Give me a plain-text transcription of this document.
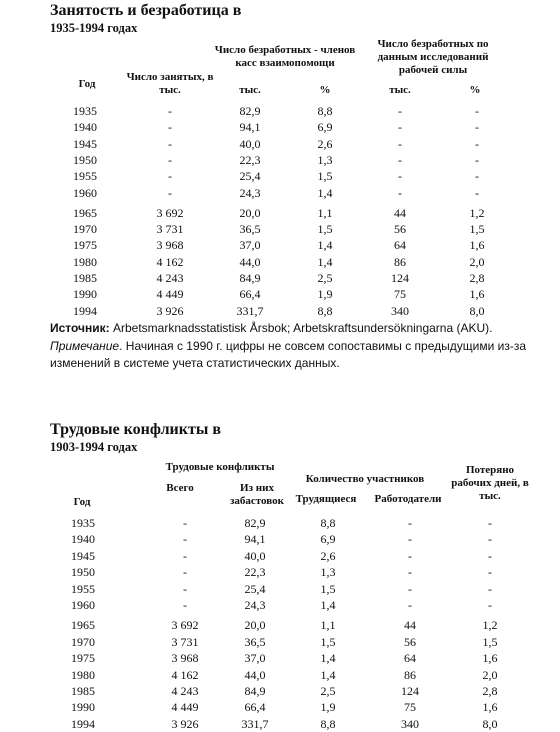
Занятость и безработица в
1935-1994 годах
Год
Число занятых, в тыс.
Число безработных - членов касс взаимопомощи
Число безработных по данным исследований рабочей силы
тыс.	%	тыс.	%
1935	-	82,9	8,8	-	-
1940	-	94,1	6,9	-	-
1945	-	40,0	2,6	-	-
1950	-	22,3	1,3	-	-
1955	-	25,4	1,5	-	-
1960	-	24,3	1,4	-	-
1965	3 692	20,0	1,1	44	1,2
1970	3 731	36,5	1,5	56	1,5
1975	3 968	37,0	1,4	64	1,6
1980	4 162	44,0	1,4	86	2,0
1985	4 243	84,9	2,5	124	2,8
1990	4 449	66,4	1,9	75	1,6
1994	3 926	331,7	8,8	340	8,0
Источник: Arbetsmarknadsstatistisk Årsbok; Arbetskraftsundersökningarna (AKU).
Примечание. Начиная с 1990 г. цифры не совсем сопоставимы с предыдущими из-за изменений в системе учета статистических данных.
Трудовые конфликты в
1903-1994 годах
Год
Трудовые конфликты
Всего	Из них забастовок
Количество участников
Трудящиеся	Работодатели
Потеряно рабочих дней, в тыс.
1935	-	82,9	8,8	-	-
1940	-	94,1	6,9	-	-
1945	-	40,0	2,6	-	-
1950	-	22,3	1,3	-	-
1955	-	25,4	1,5	-	-
1960	-	24,3	1,4	-	-
1965	3 692	20,0	1,1	44	1,2
1970	3 731	36,5	1,5	56	1,5
1975	3 968	37,0	1,4	64	1,6
1980	4 162	44,0	1,4	86	2,0
1985	4 243	84,9	2,5	124	2,8
1990	4 449	66,4	1,9	75	1,6
1994	3 926	331,7	8,8	340	8,0
